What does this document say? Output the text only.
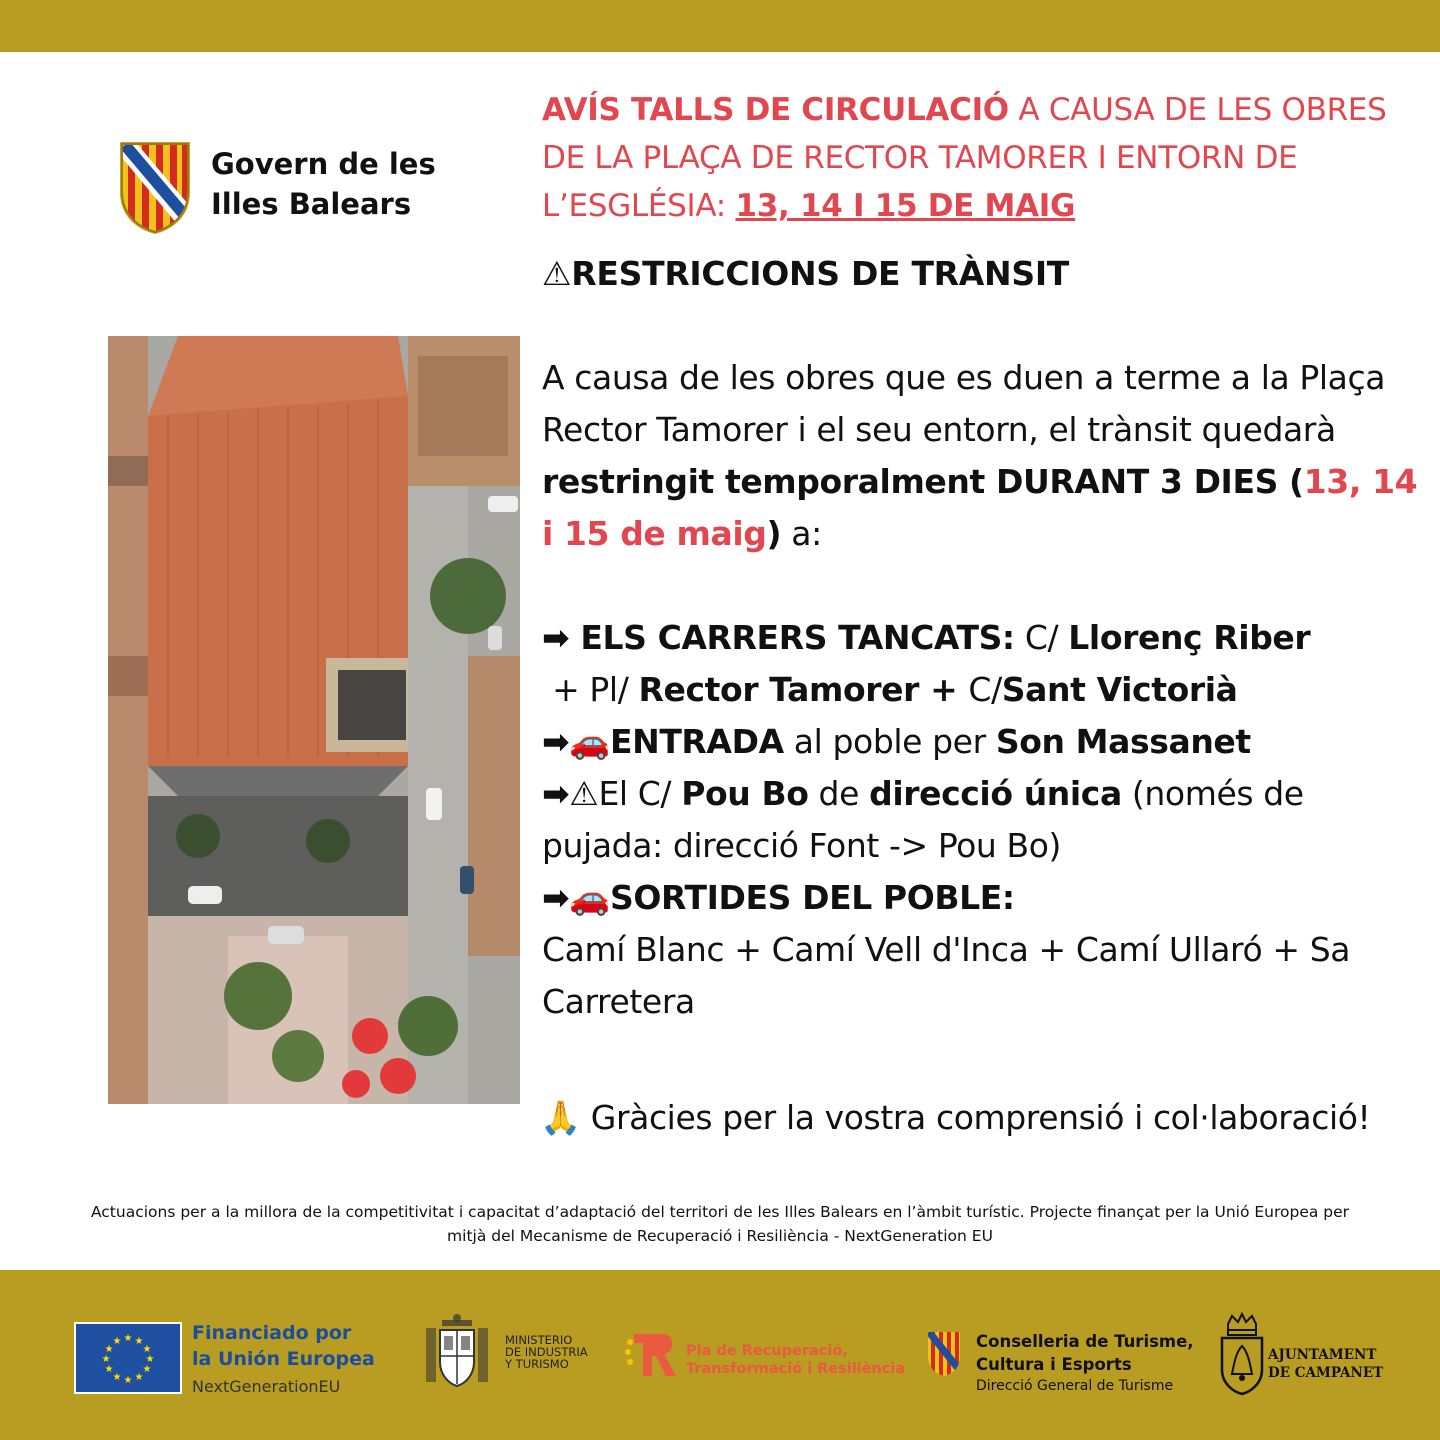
Govern de les
Illes Balears
AVÍS TALLS DE CIRCULACIÓ A CAUSA DE LES OBRES DE LA PLAÇA DE RECTOR TAMORER I ENTORN DE L’ESGLÉSIA: 13, 14 I 15 DE MAIG
⚠RESTRICCIONS DE TRÀNSIT

A causa de les obres que es duen a terme a la Plaça Rector Tamorer i el seu entorn, el trànsit quedarà restringit temporalment DURANT 3 DIES (13, 14 i 15 de maig) a:

➡ ELS CARRERS TANCATS: C/ Llorenç Riber

+ Pl/ Rector Tamorer + C/Sant Victorià

➡🚗ENTRADA al poble per Son Massanet

➡⚠El C/ Pou Bo de direcció única (només de pujada: direcció Font -> Pou Bo)

➡🚗SORTIDES DEL POBLE:

Camí Blanc + Camí Vell d'Inca + Camí Ullaró + Sa Carretera

🙏 Gràcies per la vostra comprensió i col·laboració!
Actuacions per a la millora de la competitivitat i capacitat d’adaptació del territori de les Illes Balears en l’àmbit turístic. Projecte finançat per la Unió Europea per mitjà del Mecanisme de Recuperació i Resiliència - NextGeneration EU
★ ★
★
★
★
★
★
★
★
★
★
★	Financiado por
la Unión Europea
NextGenerationEU
MINISTERIO
DE INDUSTRIA
Y TURISMO
Pla de Recuperació,
Transformació i Resiliència
Conselleria de Turisme,
Cultura i Esports
Direcció General de Turisme
AJUNTAMENT
DE CAMPANET
